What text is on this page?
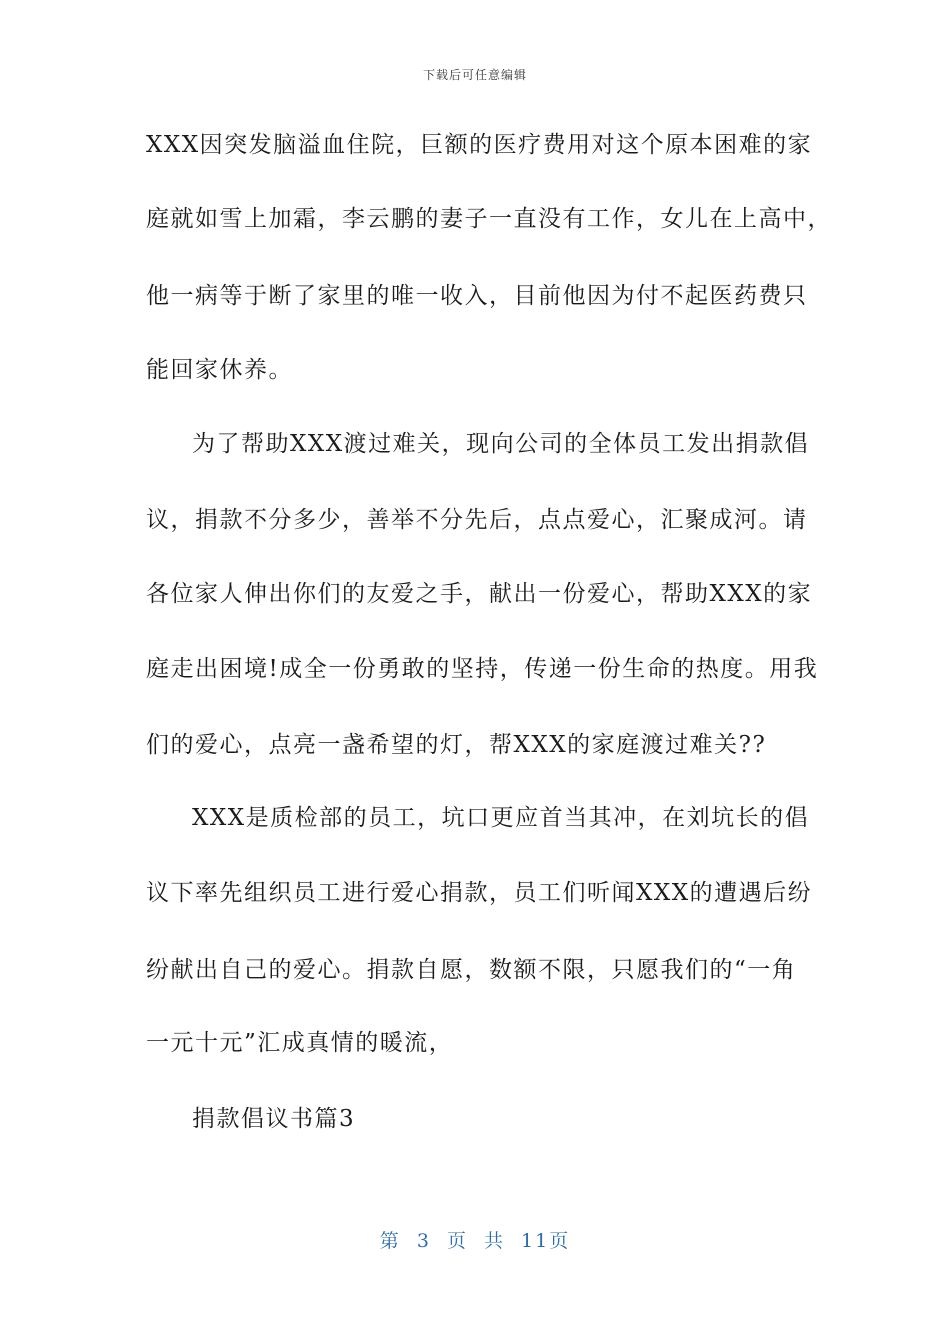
下载后可任意编辑
XXX因突发脑溢血住院，巨额的医疗费用对这个原本困难的家
庭就如雪上加霜，李云鹏的妻子一直没有工作，女儿在上高中，
他一病等于断了家里的唯一收入，目前他因为付不起医药费只
能回家休养。
为了帮助XXX渡过难关，现向公司的全体员工发出捐款倡
议，捐款不分多少，善举不分先后，点点爱心，汇聚成河。请
各位家人伸出你们的友爱之手，献出一份爱心，帮助XXX的家
庭走出困境!成全一份勇敢的坚持，传递一份生命的热度。用我
们的爱心，点亮一盏希望的灯，帮XXX的家庭渡过难关??
XXX是质检部的员工，坑口更应首当其冲，在刘坑长的倡
议下率先组织员工进行爱心捐款，员工们听闻XXX的遭遇后纷
纷献出自己的爱心。捐款自愿，数额不限，只愿我们的“一角
一元十元”汇成真情的暖流，
捐款倡议书篇3
第 3 页 共 11页
